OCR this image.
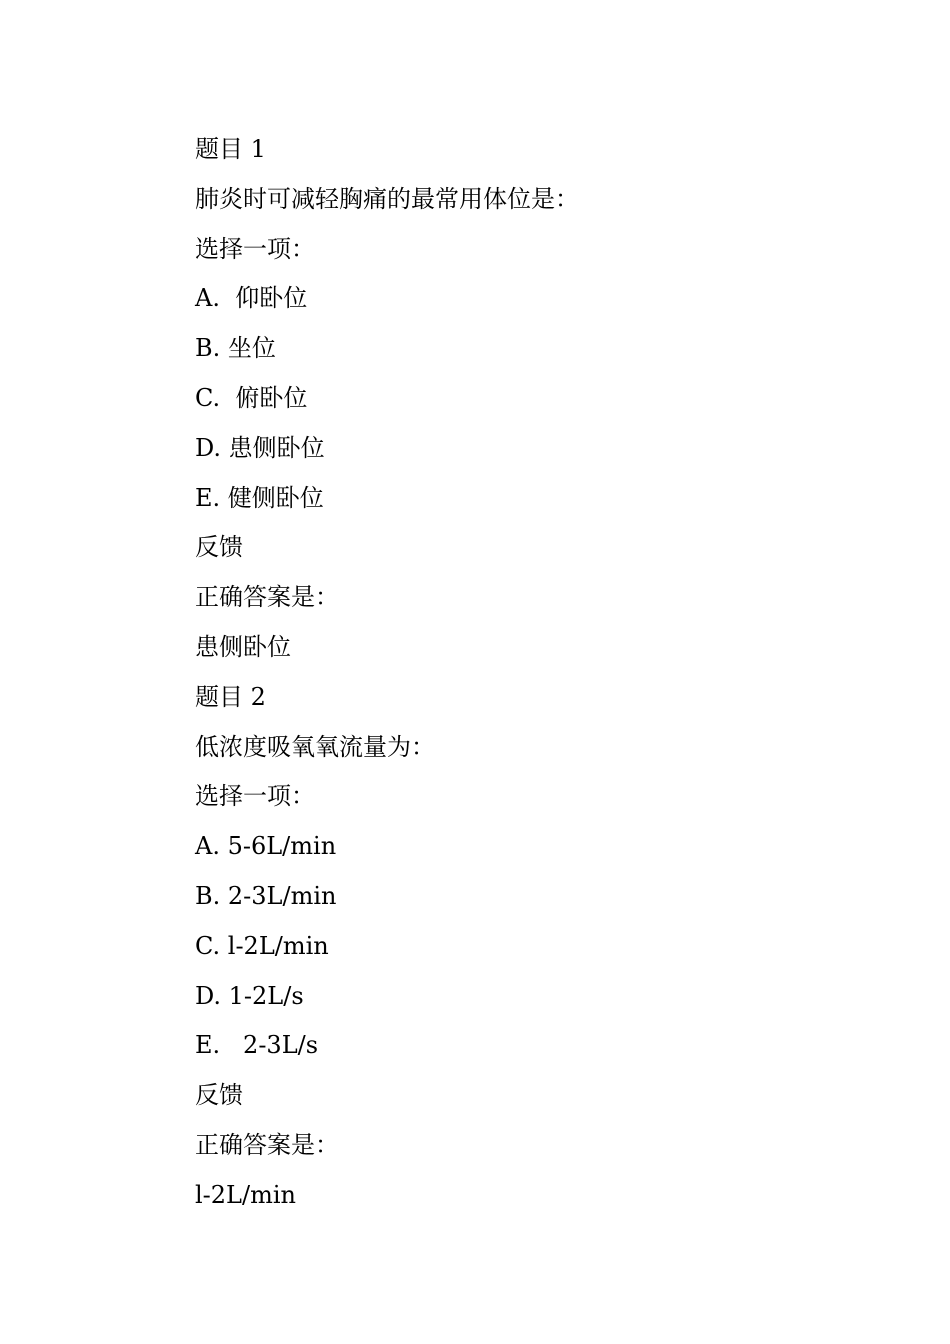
题目 1
肺炎时可减轻胸痛的最常用体位是：
选择一项：
A.  仰卧位
B. 坐位
C.  俯卧位
D. 患侧卧位
E. 健侧卧位
反馈
正确答案是：
患侧卧位
题目 2
低浓度吸氧氧流量为：
选择一项：
A. 5-6L/min
B. 2-3L/min
C. l-2L/min
D. 1-2L/s
E.   2-3L/s
反馈
正确答案是：
l-2L/min
